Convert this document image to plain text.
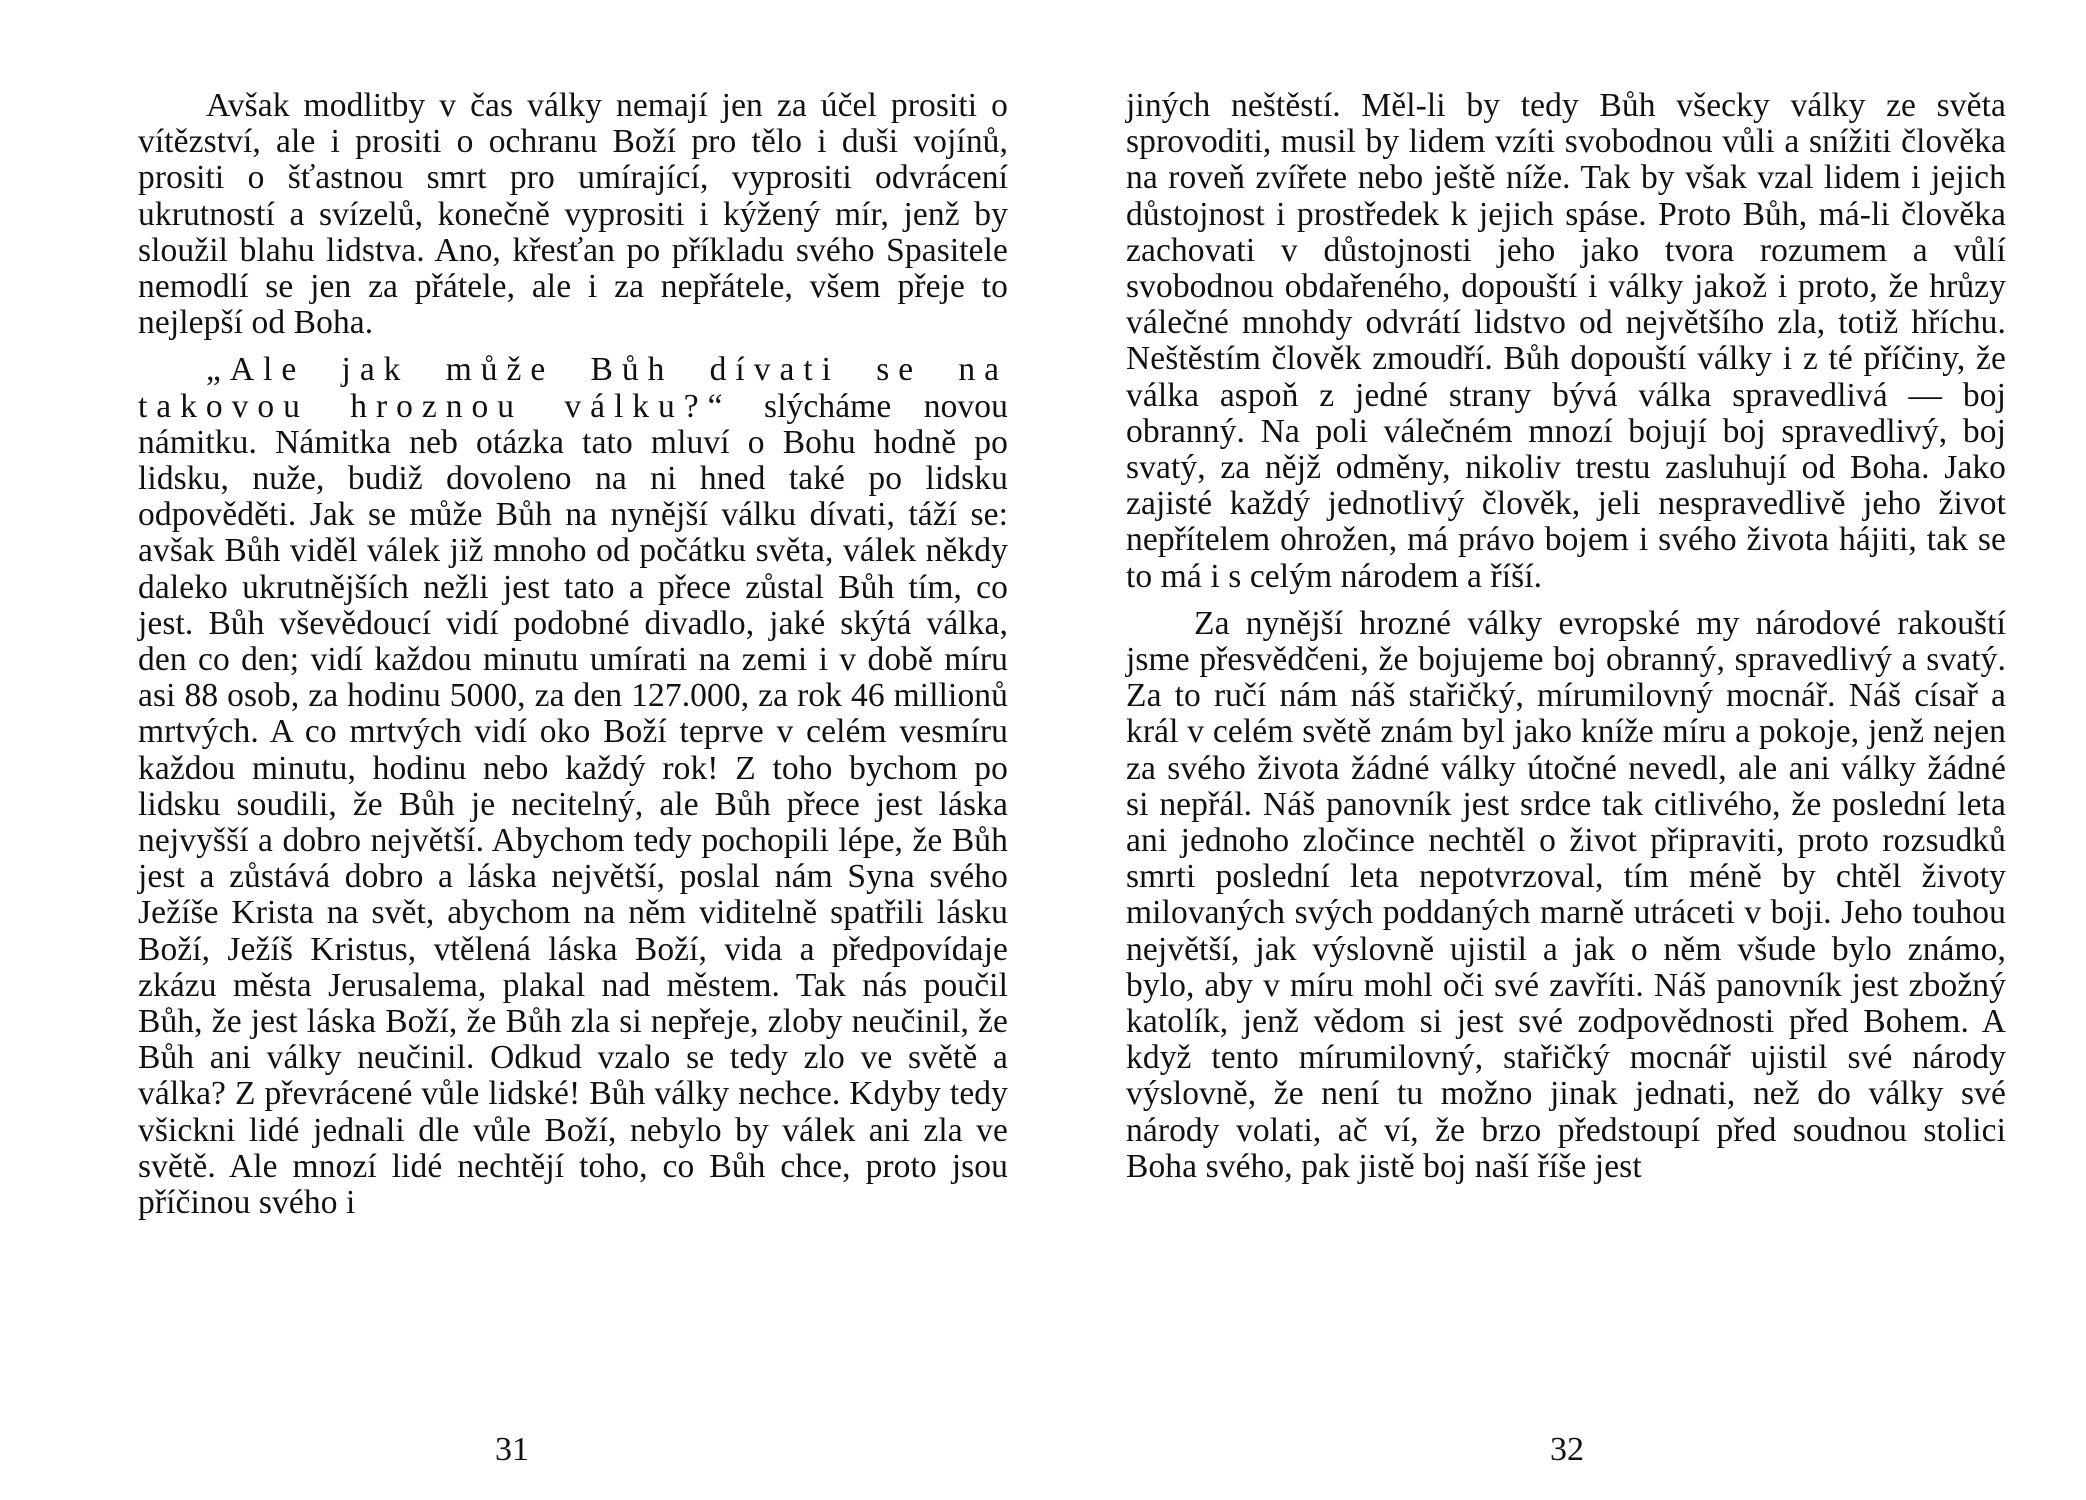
Avšak modlitby v čas války nemají jen za účel prositi o vítězství, ale i prositi o ochranu Boží pro tělo i duši vojínů, prositi o šťastnou smrt pro umírající, vyprositi odvrácení ukrutností a svízelů, konečně vyprositi i kýžený mír, jenž by sloužil blahu lidstva. Ano, křesťan po příkladu svého Spasitele nemodlí se jen za přátele, ale i za nepřátele, všem přeje to nejlepší od Boha.

„Ale jak může Bůh dívati se na takovou hroznou válku?“ slýcháme novou námitku. Námitka neb otázka tato mluví o Bohu hodně po lidsku, nuže, budiž dovoleno na ni hned také po lidsku odpověděti. Jak se může Bůh na nynější válku dívati, táží se: avšak Bůh viděl válek již mnoho od počátku světa, válek někdy daleko ukrutnějších nežli jest tato a přece zůstal Bůh tím, co jest. Bůh vševědoucí vidí podobné divadlo, jaké skýtá válka, den co den; vidí každou minutu umírati na zemi i v době míru asi 88 osob, za hodinu 5000, za den 127.000, za rok 46 millionů mrtvých. A co mrtvých vidí oko Boží teprve v celém vesmíru každou minutu, hodinu nebo každý rok! Z toho bychom po lidsku soudili, že Bůh je necitelný, ale Bůh přece jest láska nejvyšší a dobro největší. Abychom tedy pochopili lépe, že Bůh jest a zůstává dobro a láska největší, poslal nám Syna svého Ježíše Krista na svět, abychom na něm viditelně spatřili lásku Boží, Ježíš Kristus, vtělená láska Boží, vida a předpovídaje zkázu města Jerusalema, plakal nad městem. Tak nás poučil Bůh, že jest láska Boží, že Bůh zla si nepřeje, zloby neučinil, že Bůh ani války neučinil. Odkud vzalo se tedy zlo ve světě a válka? Z převrácené vůle lidské! Bůh války nechce. Kdyby tedy všickni lidé jednali dle vůle Boží, nebylo by válek ani zla ve světě. Ale mnozí lidé nechtějí toho, co Bůh chce, proto jsou příčinou svého i

31

jiných neštěstí. Měl-li by tedy Bůh všecky války ze světa sprovoditi, musil by lidem vzíti svobodnou vůli a snížiti člověka na roveň zvířete nebo ještě níže. Tak by však vzal lidem i jejich důstojnost i prostředek k jejich spáse. Proto Bůh, má-li člověka zachovati v důstojnosti jeho jako tvora rozumem a vůlí svobodnou obdařeného, dopouští i války jakož i proto, že hrůzy válečné mnohdy odvrátí lidstvo od největšího zla, totiž hříchu. Neštěstím člověk zmoudří. Bůh dopouští války i z té příčiny, že válka aspoň z jedné strany bývá válka spravedlivá — boj obranný. Na poli válečném mnozí bojují boj spravedlivý, boj svatý, za nějž odměny, nikoliv trestu zasluhují od Boha. Jako zajisté každý jednotlivý člověk, jeli nespravedlivě jeho život nepřítelem ohrožen, má právo bojem i svého života hájiti, tak se to má i s celým národem a říší.

Za nynější hrozné války evropské my národové rakouští jsme přesvědčeni, že bojujeme boj obranný, spravedlivý a svatý. Za to ručí nám náš stařičký, mírumilovný mocnář. Náš císař a král v celém světě znám byl jako kníže míru a pokoje, jenž nejen za svého života žádné války útočné nevedl, ale ani války žádné si nepřál. Náš panovník jest srdce tak citlivého, že poslední leta ani jednoho zločince nechtěl o život připraviti, proto rozsudků smrti poslední leta nepotvrzoval, tím méně by chtěl životy milovaných svých poddaných marně utráceti v boji. Jeho touhou největší, jak výslovně ujistil a jak o něm všude bylo známo, bylo, aby v míru mohl oči své zavříti. Náš panovník jest zbožný katolík, jenž vědom si jest své zodpovědnosti před Bohem. A když tento mírumilovný, stařičký mocnář ujistil své národy výslovně, že není tu možno jinak jednati, než do války své národy volati, ač ví, že brzo předstoupí před soudnou stolici Boha svého, pak jistě boj naší říše jest

32
